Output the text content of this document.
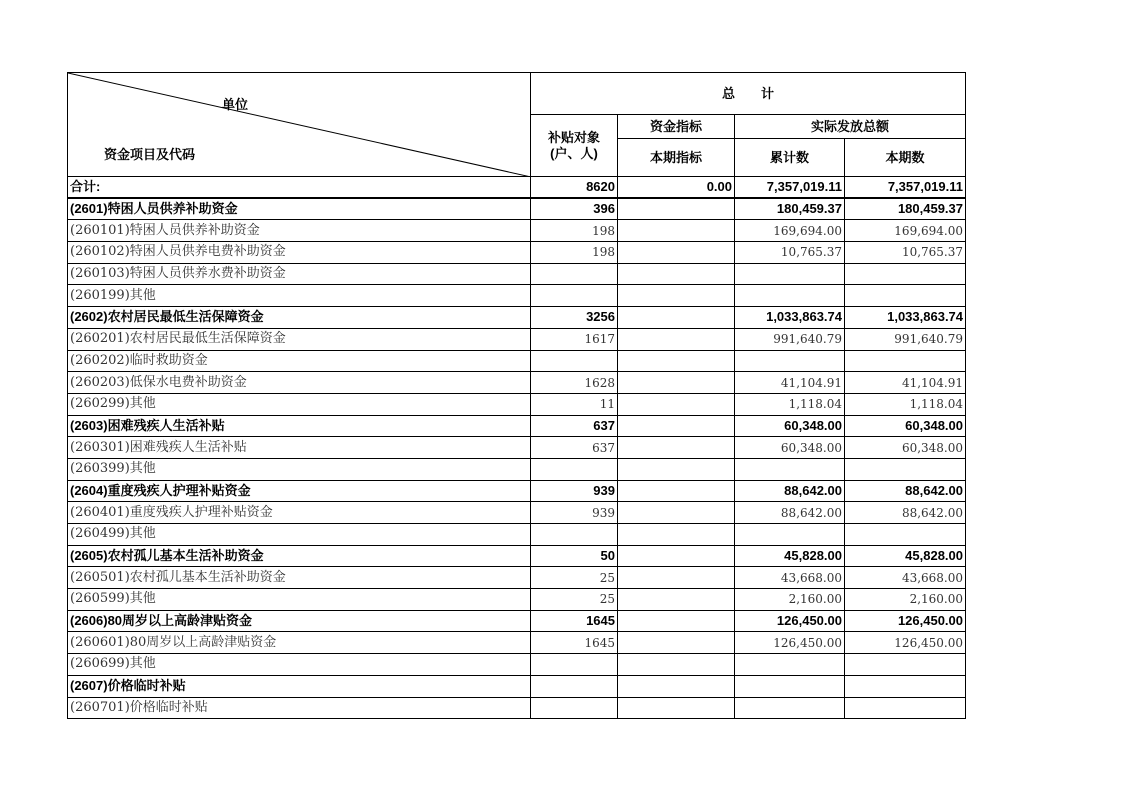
单位
资金项目及代码	总　　计			
	补贴对象(户、人)	资金指标	实际发放总额	
		本期指标	累计数	本期数
合计:	8620	0.00	7,357,019.11	7,357,019.11
(2601)特困人员供养补助资金	396		180,459.37	180,459.37
(260101)特困人员供养补助资金	198		169,694.00	169,694.00
(260102)特困人员供养电费补助资金	198		10,765.37	10,765.37
(260103)特困人员供养水费补助资金				
(260199)其他				
(2602)农村居民最低生活保障资金	3256		1,033,863.74	1,033,863.74
(260201)农村居民最低生活保障资金	1617		991,640.79	991,640.79
(260202)临时救助资金				
(260203)低保水电费补助资金	1628		41,104.91	41,104.91
(260299)其他	11		1,118.04	1,118.04
(2603)困难残疾人生活补贴	637		60,348.00	60,348.00
(260301)困难残疾人生活补贴	637		60,348.00	60,348.00
(260399)其他				
(2604)重度残疾人护理补贴资金	939		88,642.00	88,642.00
(260401)重度残疾人护理补贴资金	939		88,642.00	88,642.00
(260499)其他				
(2605)农村孤儿基本生活补助资金	50		45,828.00	45,828.00
(260501)农村孤儿基本生活补助资金	25		43,668.00	43,668.00
(260599)其他	25		2,160.00	2,160.00
(2606)80周岁以上高龄津贴资金	1645		126,450.00	126,450.00
(260601)80周岁以上高龄津贴资金	1645		126,450.00	126,450.00
(260699)其他				
(2607)价格临时补贴				
(260701)价格临时补贴				
